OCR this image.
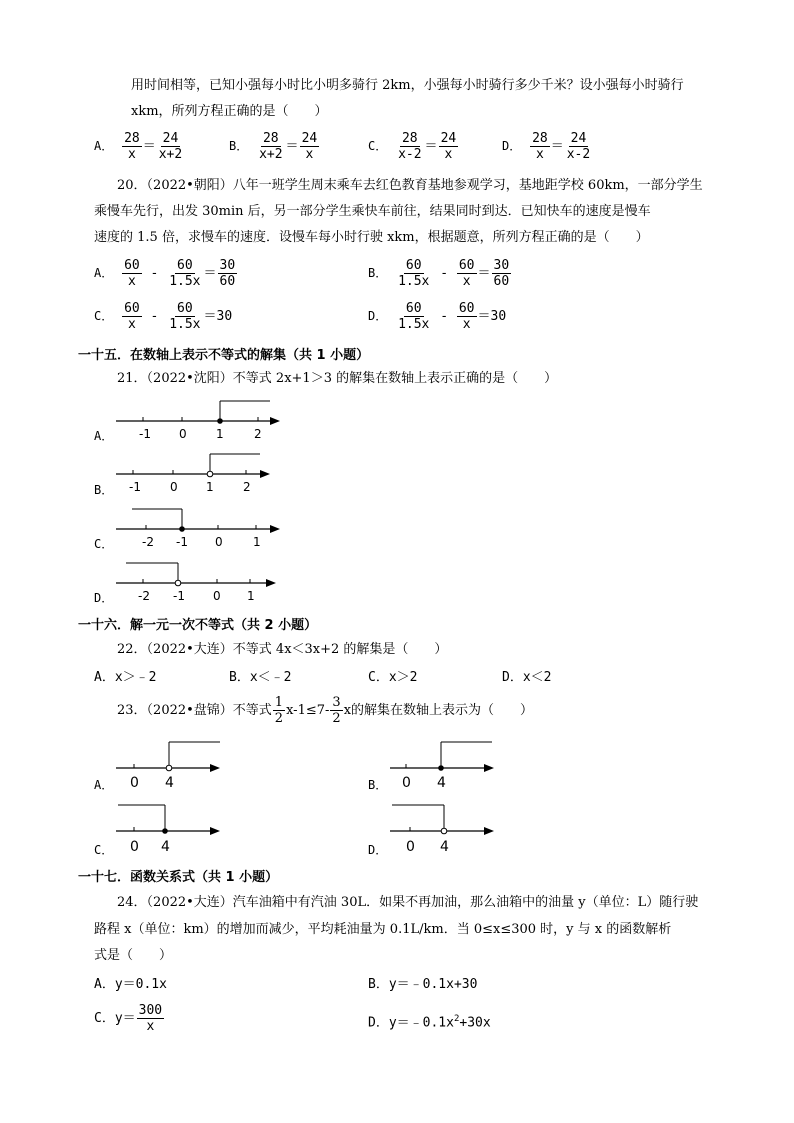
用时间相等，已知小强每小时比小明多骑行 2km，小强每小时骑行多少千米？设小强每小时骑行
xkm，所列方程正确的是（　　）
A． $\frac{28}{x} = \frac{24}{x+2}$	B． $\frac{28}{x+2} = \frac{24}{x}$	C． $\frac{28}{x-2} = \frac{24}{x}$	D． $\frac{28}{x} = \frac{24}{x-2}$
20．（2022•朝阳）八年一班学生周末乘车去红色教育基地参观学习，基地距学校 60km，一部分学生
乘慢车先行，出发 30min 后，另一部分学生乘快车前往，结果同时到达．已知快车的速度是慢车
速度的 1.5 倍，求慢车的速度．设慢车每小时行驶 xkm，根据题意，所列方程正确的是（　　）
A． $\frac{60}{x} - \frac{60}{1.5x} = \frac{30}{60}$	B． $\frac{60}{1.5x} - \frac{60}{x} = \frac{30}{60}$
C． $\frac{60}{x} - \frac{60}{1.5x} =30$	D． $\frac{60}{1.5x} - \frac{60}{x} =30$
一十五．在数轴上表示不等式的解集（共 1 小题）
21．（2022•沈阳）不等式 2x+1＞3 的解集在数轴上表示正确的是（　　）
A． -1 0 1	2
B． -1 0 1 2
C． -2 -1 0	1
D． -2 -1 0 1
一十六．解一元一次不等式（共 2 小题）
22．（2022•大连）不等式 4x＜3x+2 的解集是（　　）
A．x＞﹣2	B．x＜﹣2	C．x＞2	D．x＜2
23．（2022•盘锦）不等式 $\frac{1}{2} x-1\le 7- \frac{3}{2}$ x的解集在数轴上表示为（　　）
A． 0 4	B． 0 4
C． 0 4	D． 0 4
一十七．函数关系式（共 1 小题）
24．（2022•大连）汽车油箱中有汽油 30L．如果不再加油，那么油箱中的油量 y（单位：L）随行驶
路程 x（单位：km）的增加而减少，平均耗油量为 0.1L/km．当 0≤x≤300 时，y 与 x 的函数解析
式是（　　）
A．y＝0.1x	B．y＝﹣0.1x+30
C．$y= \frac{300}{x}$	D．$y=﹣0.1x^2+30x$
